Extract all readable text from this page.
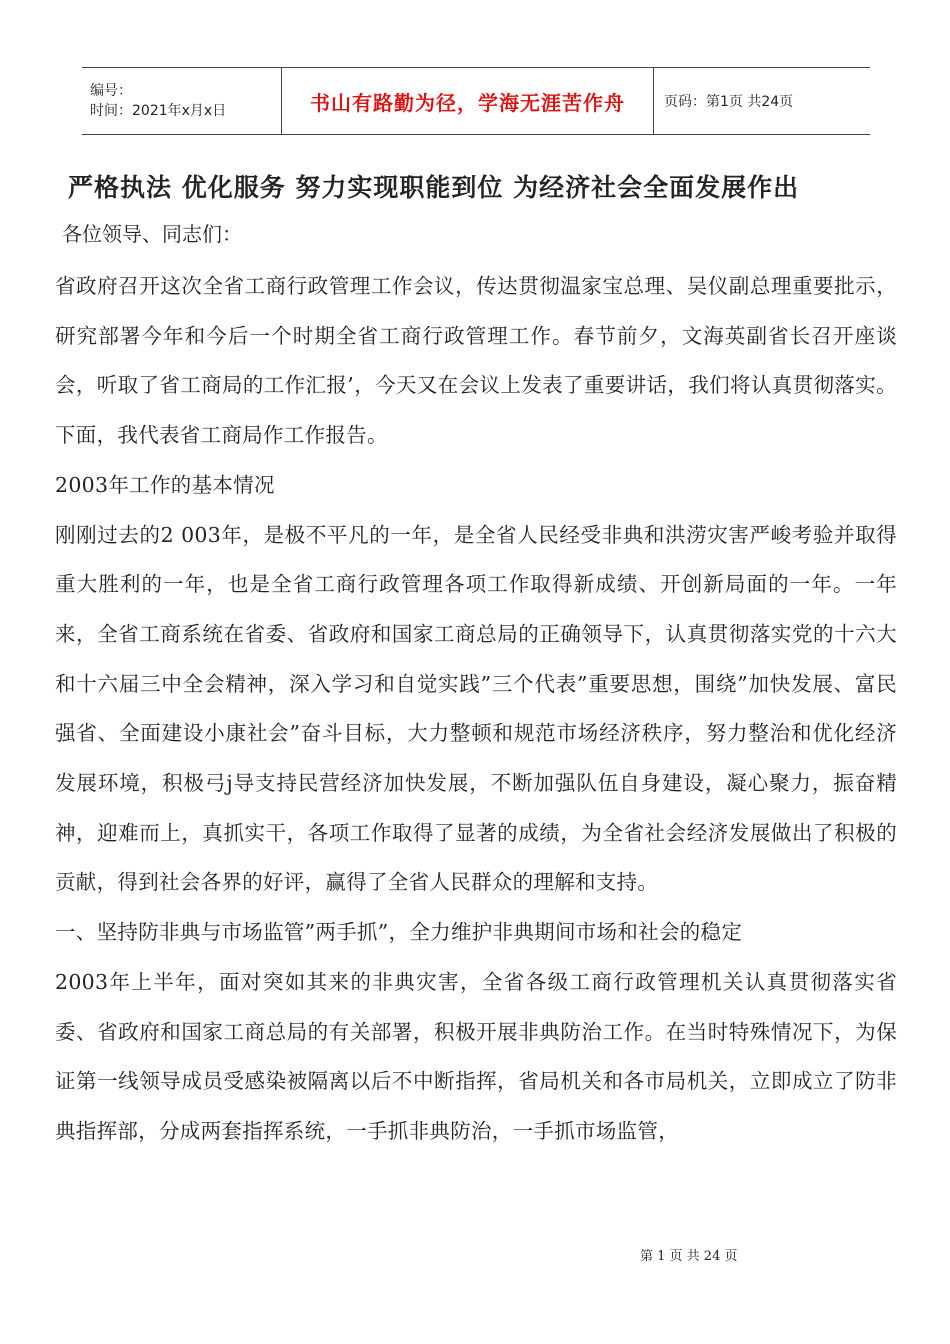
编号：
时间：2021年x月x日	书山有路勤为径，学海无涯苦作舟	页码：第1页 共24页
严格执法 优化服务 努力实现职能到位 为经济社会全面发展作出
各位领导、同志们：

省政府召开这次全省工商行政管理工作会议，传达贯彻温家宝总理、吴仪副总理重要批示，研究部署今年和今后一个时期全省工商行政管理工作。春节前夕，文海英副省长召开座谈会，听取了省工商局的工作汇报’，今天又在会议上发表了重要讲话，我们将认真贯彻落实。下面，我代表省工商局作工作报告。

2003年工作的基本情况

刚刚过去的2 003年，是极不平凡的一年，是全省人民经受非典和洪涝灾害严峻考验并取得重大胜利的一年，也是全省工商行政管理各项工作取得新成绩、开创新局面的一年。一年来，全省工商系统在省委、省政府和国家工商总局的正确领导下，认真贯彻落实党的十六大和十六届三中全会精神，深入学习和自觉实践”三个代表”重要思想，围绕”加快发展、富民强省、全面建设小康社会”奋斗目标，大力整顿和规范市场经济秩序，努力整治和优化经济发展环境，积极弓j导支持民营经济加快发展，不断加强队伍自身建设，凝心聚力，振奋精神，迎难而上，真抓实干，各项工作取得了显著的成绩，为全省社会经济发展做出了积极的贡献，得到社会各界的好评，赢得了全省人民群众的理解和支持。

一、坚持防非典与市场监管”两手抓”，全力维护非典期间市场和社会的稳定

2003年上半年，面对突如其来的非典灾害，全省各级工商行政管理机关认真贯彻落实省委、省政府和国家工商总局的有关部署，积极开展非典防治工作。在当时特殊情况下，为保证第一线领导成员受感染被隔离以后不中断指挥，省局机关和各市局机关，立即成立了防非典指挥部，分成两套指挥系统，一手抓非典防治，一手抓市场监管，

第 1 页 共 24 页
